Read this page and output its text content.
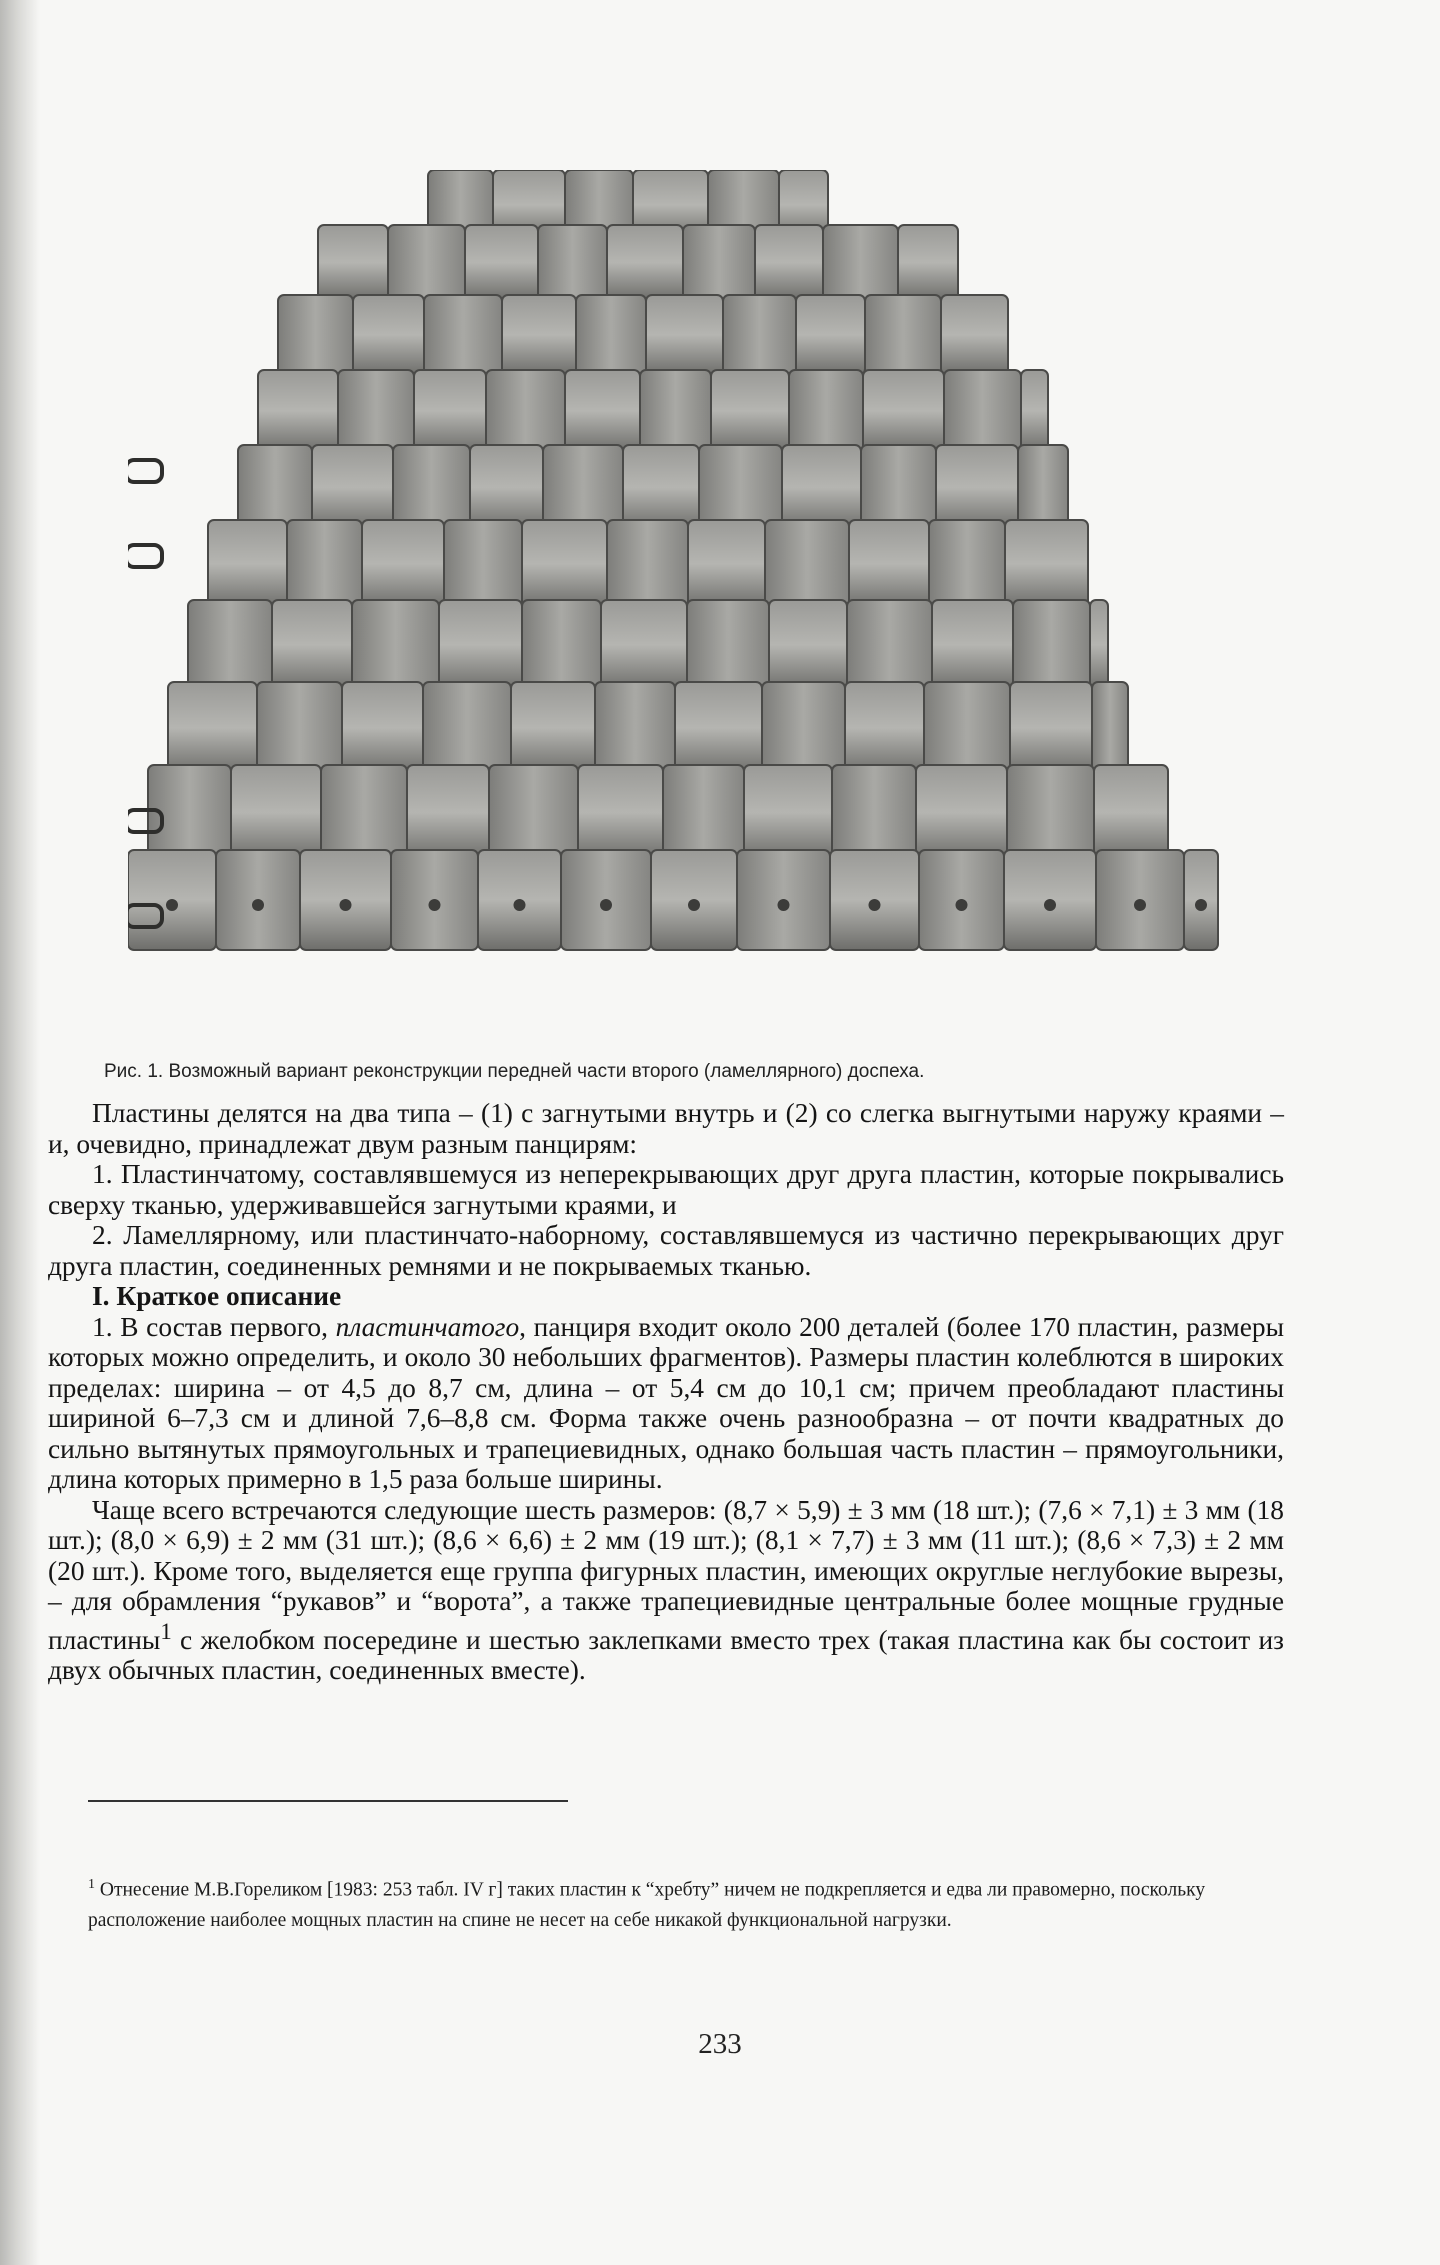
Рис. 1. Возможный вариант реконструкции передней части второго (ламеллярного) доспеха.

Пластины делятся на два типа – (1) с загнутыми внутрь и (2) со слегка выгнутыми наружу краями – и, очевидно, принадлежат двум разным панцирям:

1. Пластинчатому, составлявшемуся из неперекрывающих друг друга пластин, которые покрывались сверху тканью, удерживавшейся загнутыми краями, и

2. Ламеллярному, или пластинчато-наборному, составлявшемуся из частично перекрывающих друг друга пластин, соединенных ремнями и не покрываемых тканью.

I. Краткое описание

1. В состав первого, пластинчатого, панциря входит около 200 деталей (более 170 пластин, размеры которых можно определить, и около 30 небольших фрагментов). Размеры пластин колеблются в широких пределах: ширина – от 4,5 до 8,7 см, длина – от 5,4 см до 10,1 см; причем преобладают пластины шириной 6–7,3 см и длиной 7,6–8,8 см. Форма также очень разнообразна – от почти квадратных до сильно вытянутых прямоугольных и трапециевидных, однако большая часть пластин – прямоугольники, длина которых примерно в 1,5 раза больше ширины.

Чаще всего встречаются следующие шесть размеров: (8,7 × 5,9) ± 3 мм (18 шт.); (7,6 × 7,1) ± 3 мм (18 шт.); (8,0 × 6,9) ± 2 мм (31 шт.); (8,6 × 6,6) ± 2 мм (19 шт.); (8,1 × 7,7) ± 3 мм (11 шт.); (8,6 × 7,3) ± 2 мм (20 шт.). Кроме того, выделяется еще группа фигурных пластин, имеющих округлые неглубокие вырезы, – для обрамления “рукавов” и “ворота”, а также трапециевидные центральные более мощные грудные пластины$^1$ с желобком посередине и шестью заклепками вместо трех (такая пластина как бы состоит из двух обычных пластин, соединенных вместе).

$^1$ Отнесение М.В.Гореликом [1983: 253 табл. IV г] таких пластин к “хребту” ничем не подкрепляется и едва ли правомерно, поскольку расположение наиболее мощных пластин на спине не несет на себе никакой функциональной нагрузки.
233
